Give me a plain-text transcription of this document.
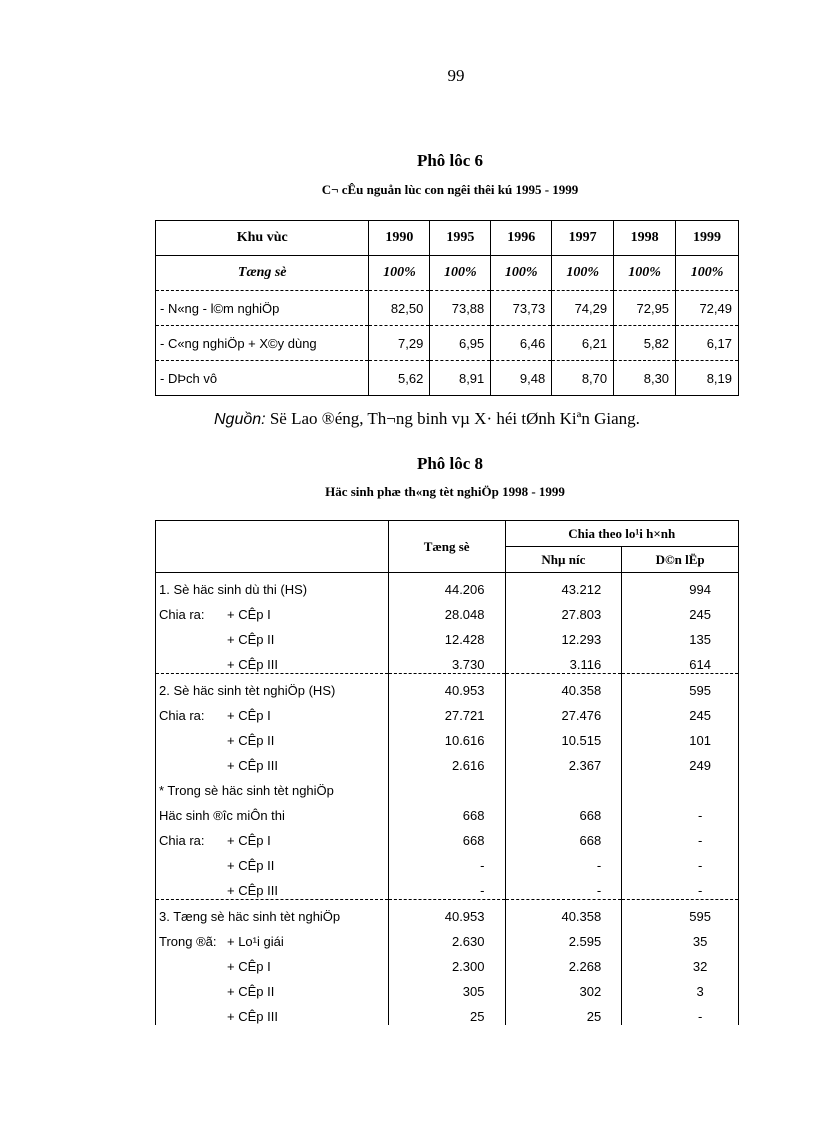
99
Phô lôc 6
C¬ cÊu nguån lùc con ngêi thêi kú 1995 - 1999
Khu vùc	1990	1995	1996	1997	1998	1999
Tæng sè	100%	100%	100%	100%	100%	100%
- N«ng - l©m nghiÖp	82,50	73,88	73,73	74,29	72,95	72,49
- C«ng nghiÖp + X©y dùng	7,29	6,95	6,46	6,21	5,82	6,17
- DÞch vô	5,62	8,91	9,48	8,70	8,30	8,19
Nguồn: Së Lao ®éng, Th¬ng binh vµ X· héi tØnh Kiªn Giang.
Phô lôc 8
Häc sinh phæ th«ng tèt nghiÖp 1998 - 1999
	Tæng sè	Chia theo lo¹i h×nh	
		Nhµ níc	D©n lËp
1. Sè häc sinh dù thi (HS)	44.206	43.212	994
Chia ra: + CÊp I	28.048	27.803	245
+ CÊp II	12.428	12.293	135
+ CÊp III	3.730	3.116	614
2. Sè häc sinh tèt nghiÖp (HS)	40.953	40.358	595
Chia ra: + CÊp I	27.721	27.476	245
+ CÊp II	10.616	10.515	101
+ CÊp III	2.616	2.367	249
* Trong sè häc sinh tèt nghiÖp			
Häc sinh ®îc miÔn thi	668	668	-
Chia ra: + CÊp I	668	668	-
+ CÊp II	-	-	-
+ CÊp III	-	-	-
3. Tæng sè häc sinh tèt nghiÖp	40.953	40.358	595
Trong ®ã: + Lo¹i giái	2.630	2.595	35
+ CÊp I	2.300	2.268	32
+ CÊp II	305	302	3
+ CÊp III	25	25	-
